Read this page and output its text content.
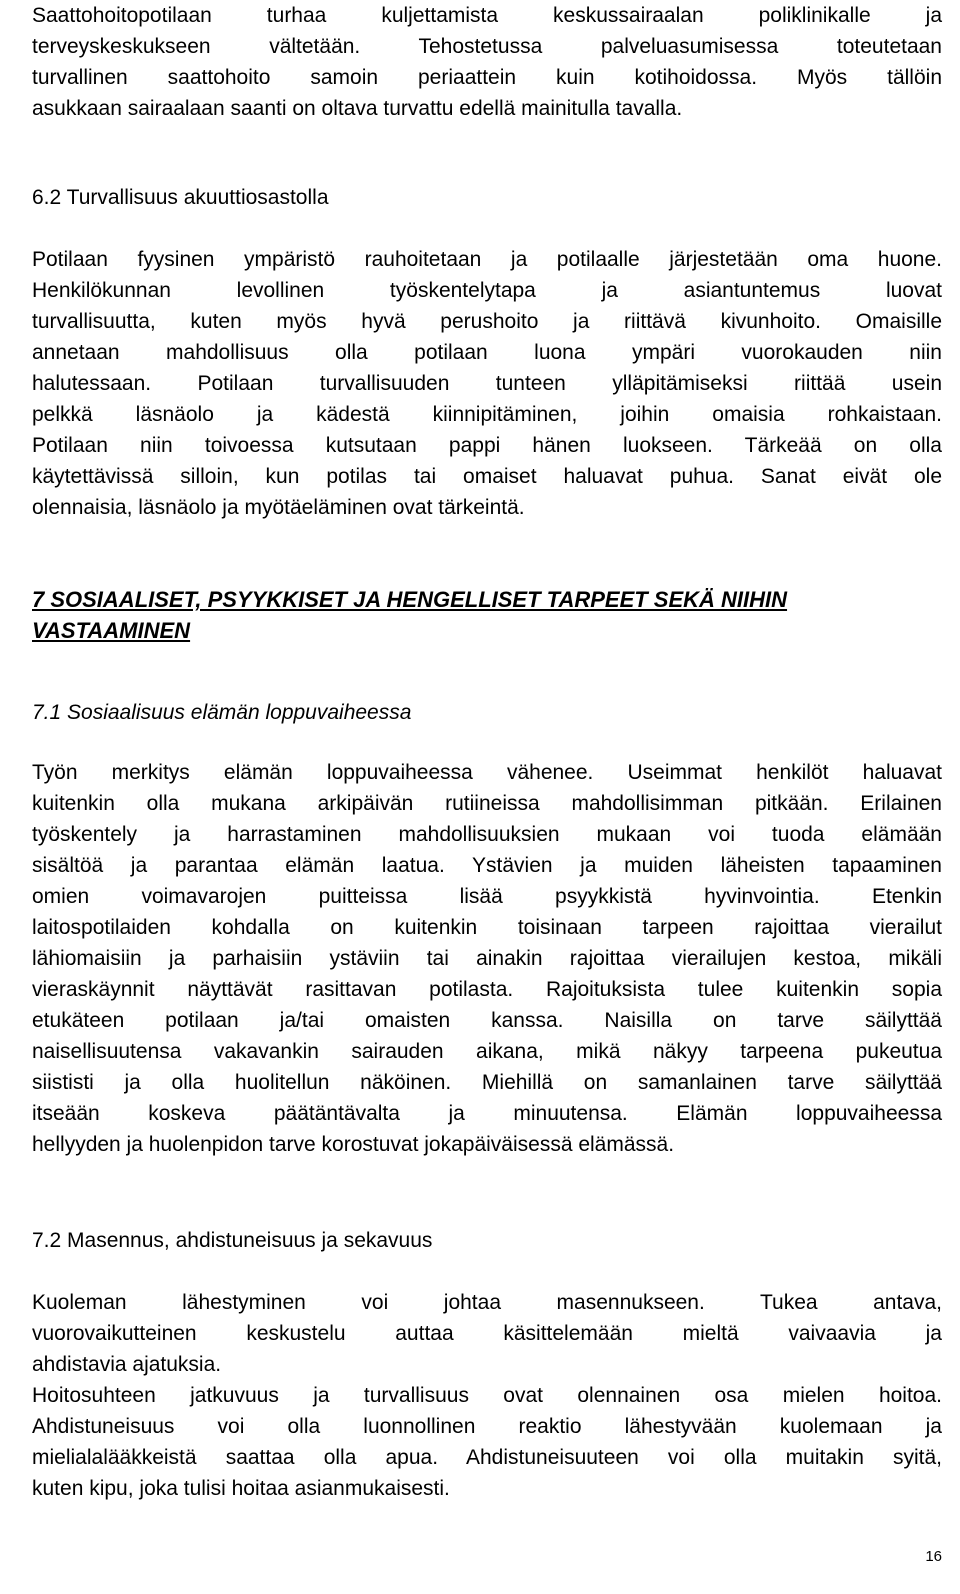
Saattohoitopotilaan turhaa kuljettamista keskussairaalan poliklinikalle ja
terveyskeskukseen vältetään. Tehostetussa palveluasumisessa toteutetaan
turvallinen saattohoito samoin periaattein kuin kotihoidossa. Myös tällöin
asukkaan sairaalaan saanti on oltava turvattu edellä mainitulla tavalla.
6.2 Turvallisuus akuuttiosastolla
Potilaan fyysinen ympäristö rauhoitetaan ja potilaalle järjestetään oma huone.
Henkilökunnan levollinen työskentelytapa ja asiantuntemus luovat
turvallisuutta, kuten myös hyvä perushoito ja riittävä kivunhoito. Omaisille
annetaan mahdollisuus olla potilaan luona ympäri vuorokauden niin
halutessaan. Potilaan turvallisuuden tunteen ylläpitämiseksi riittää usein
pelkkä läsnäolo ja kädestä kiinnipitäminen, joihin omaisia rohkaistaan.
Potilaan niin toivoessa kutsutaan pappi hänen luokseen. Tärkeää on olla
käytettävissä silloin, kun potilas tai omaiset haluavat puhua. Sanat eivät ole
olennaisia, läsnäolo ja myötäeläminen ovat tärkeintä.
7 SOSIAALISET, PSYYKKISET JA HENGELLISET TARPEET SEKÄ NIIHIN
VASTAAMINEN
7.1 Sosiaalisuus elämän loppuvaiheessa
Työn merkitys elämän loppuvaiheessa vähenee. Useimmat henkilöt haluavat
kuitenkin olla mukana arkipäivän rutiineissa mahdollisimman pitkään. Erilainen
työskentely ja harrastaminen mahdollisuuksien mukaan voi tuoda elämään
sisältöä ja parantaa elämän laatua. Ystävien ja muiden läheisten tapaaminen
omien voimavarojen puitteissa lisää psyykkistä hyvinvointia. Etenkin
laitospotilaiden kohdalla on kuitenkin toisinaan tarpeen rajoittaa vierailut
lähiomaisiin ja parhaisiin ystäviin tai ainakin rajoittaa vierailujen kestoa, mikäli
vieraskäynnit näyttävät rasittavan potilasta. Rajoituksista tulee kuitenkin sopia
etukäteen potilaan ja/tai omaisten kanssa. Naisilla on tarve säilyttää
naisellisuutensa vakavankin sairauden aikana, mikä näkyy tarpeena pukeutua
siististi ja olla huolitellun näköinen. Miehillä on samanlainen tarve säilyttää
itseään koskeva päätäntävalta ja minuutensa. Elämän loppuvaiheessa
hellyyden ja huolenpidon tarve korostuvat jokapäiväisessä elämässä.
7.2 Masennus, ahdistuneisuus ja sekavuus
Kuoleman lähestyminen voi johtaa masennukseen. Tukea antava,
vuorovaikutteinen keskustelu auttaa käsittelemään mieltä vaivaavia ja
ahdistavia ajatuksia.
Hoitosuhteen jatkuvuus ja turvallisuus ovat olennainen osa mielen hoitoa.
Ahdistuneisuus voi olla luonnollinen reaktio lähestyvään kuolemaan ja
mielialalääkkeistä saattaa olla apua. Ahdistuneisuuteen voi olla muitakin syitä,
kuten kipu, joka tulisi hoitaa asianmukaisesti.
16
